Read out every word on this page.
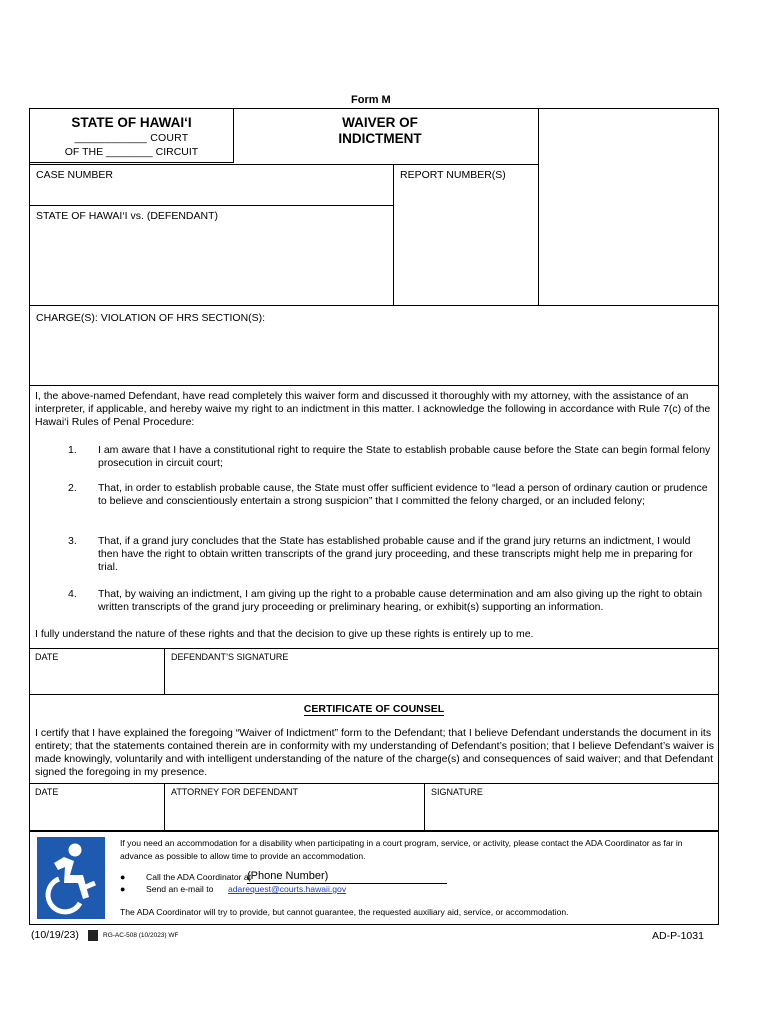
Form M
STATE OF HAWAI‘I
____________ COURT
OF THE ________ CIRCUIT
WAIVER OF
INDICTMENT
CASE NUMBER	REPORT NUMBER(S)
STATE OF HAWAI‘I vs. (DEFENDANT)
CHARGE(S): VIOLATION OF HRS SECTION(S):
I, the above-named Defendant, have read completely this waiver form and discussed it thoroughly with my attorney, with the assistance of an interpreter, if applicable, and hereby waive my right to an indictment in this matter. I acknowledge the following in accordance with Rule 7(c) of the Hawai‘i Rules of Penal Procedure:
1. I am aware that I have a constitutional right to require the State to establish probable cause before the State can begin formal felony prosecution in circuit court;
2. That, in order to establish probable cause, the State must offer sufficient evidence to “lead a person of ordinary caution or prudence to believe and conscientiously entertain a strong suspicion” that I committed the felony charged, or an included felony;
3. That, if a grand jury concludes that the State has established probable cause and if the grand jury returns an indictment, I would then have the right to obtain written transcripts of the grand jury proceeding, and these transcripts might help me in preparing for trial.
4. That, by waiving an indictment, I am giving up the right to a probable cause determination and am also giving up the right to obtain written transcripts of the grand jury proceeding or preliminary hearing, or exhibit(s) supporting an information.
I fully understand the nature of these rights and that the decision to give up these rights is entirely up to me.
DATE	DEFENDANT’S SIGNATURE
CERTIFICATE OF COUNSEL
I certify that I have explained the foregoing “Waiver of Indictment” form to the Defendant; that I believe Defendant understands the document in its entirety; that the statements contained therein are in conformity with my understanding of Defendant’s position; that I believe Defendant’s waiver is made knowingly, voluntarily and with intelligent understanding of the nature of the charge(s) and consequences of said waiver; and that Defendant signed the foregoing in my presence.
DATE	ATTORNEY FOR DEFENDANT	SIGNATURE
If you need an accommodation for a disability when participating in a court program, service, or activity, please contact the ADA Coordinator as far in advance as possible to allow time to provide an accommodation.
● Call the ADA Coordinator at
(Phone Number)
● Send an e-mail to adarequest@courts.hawaii.gov
The ADA Coordinator will try to provide, but cannot guarantee, the requested auxiliary aid, service, or accommodation.
(10/19/23)	RG-AC-508 (10/2023) WF	AD-P-1031
